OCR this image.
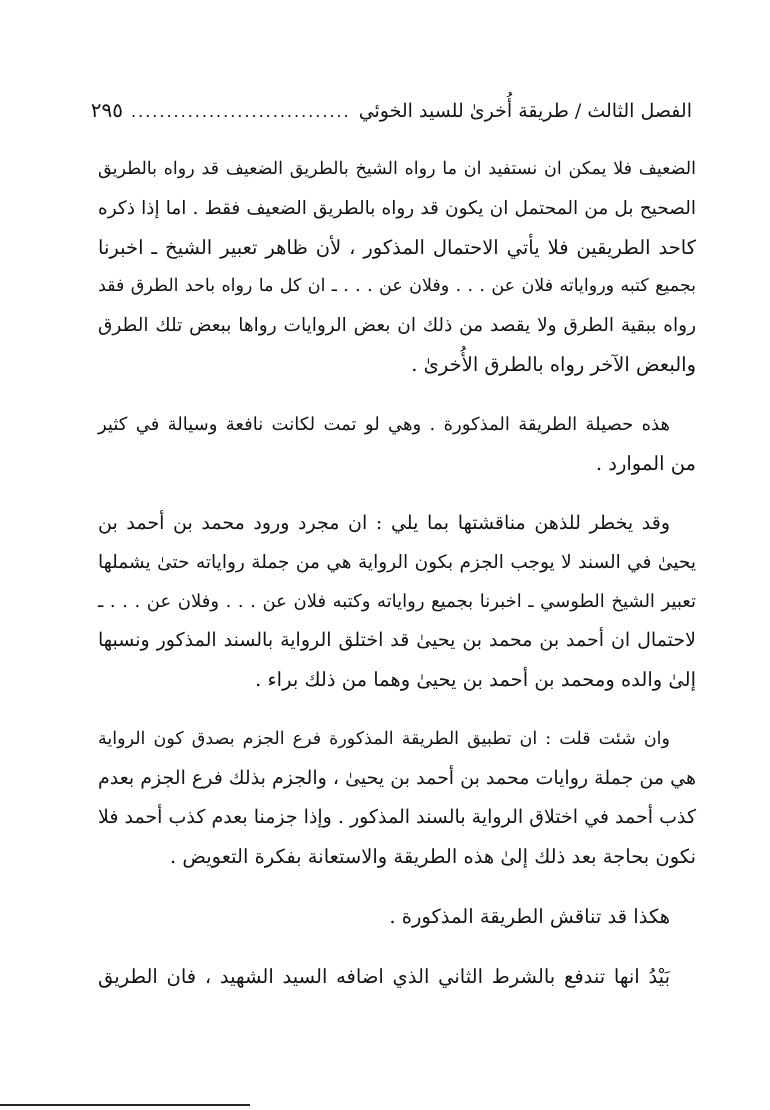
الفصل الثالث / طريقة أُخرىٰ للسيد الخوئي
...............................
٢٩٥

الضعيف فلا يمكن ان نستفيد ان ما رواه الشيخ بالطريق الضعيف قد رواه بالطريق
الصحيح بل من المحتمل ان يكون قد رواه بالطريق الضعيف فقط . اما إذا ذكره
كاحد الطريقين فلا يأتي الاحتمال المذكور ، لأن ظاهر تعبير الشيخ ـ اخبرنا
بجميع كتبه ورواياته فلان عن . . . وفلان عن . . . ـ ان كل ما رواه باحد الطرق فقد
رواه ببقية الطرق ولا يقصد من ذلك ان بعض الروايات رواها ببعض تلك الطرق
والبعض الآخر رواه بالطرق الأُخرىٰ .

هذه حصيلة الطريقة المذكورة . وهي لو تمت لكانت نافعة وسيالة في كثير
من الموارد .

وقد يخطر للذهن مناقشتها بما يلي : ان مجرد ورود محمد بن أحمد بن
يحيىٰ في السند لا يوجب الجزم بكون الرواية هي من جملة رواياته حتىٰ يشملها
تعبير الشيخ الطوسي ـ اخبرنا بجميع رواياته وكتبه فلان عن . . . وفلان عن . . . ـ
لاحتمال ان أحمد بن محمد بن يحيىٰ قد اختلق الرواية بالسند المذكور ونسبها
إلىٰ والده ومحمد بن أحمد بن يحيىٰ وهما من ذلك براء .

وان شئت قلت : ان تطبيق الطريقة المذكورة فرع الجزم بصدق كون الرواية
هي من جملة روايات محمد بن أحمد بن يحيىٰ ، والجزم بذلك فرع الجزم بعدم
كذب أحمد في اختلاق الرواية بالسند المذكور . وإذا جزمنا بعدم كذب أحمد فلا
نكون بحاجة بعد ذلك إلىٰ هذه الطريقة والاستعانة بفكرة التعويض .

هكذا قد تناقش الطريقة المذكورة .

بَيْدُ انها تندفع بالشرط الثاني الذي اضافه السيد الشهيد ، فان الطريق
